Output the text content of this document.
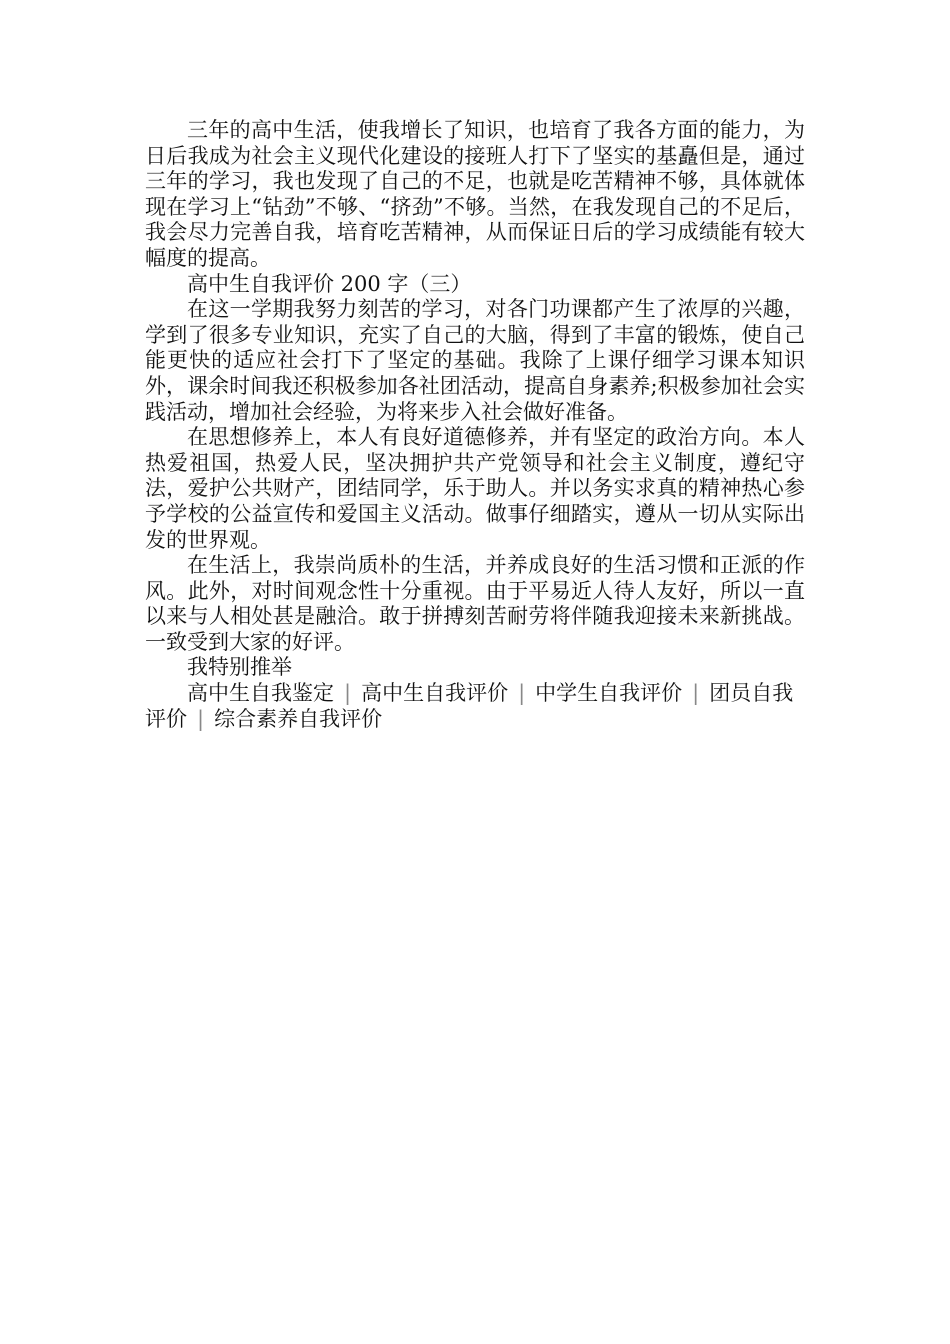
三年的高中生活，使我增长了知识，也培育了我各方面的能力，为日后我成为社会主义现代化建设的接班人打下了坚实的基矗但是，通过三年的学习，我也发现了自己的不足，也就是吃苦精神不够，具体就体现在学习上“钻劲”不够、“挤劲”不够。当然，在我发现自己的不足后，我会尽力完善自我，培育吃苦精神，从而保证日后的学习成绩能有较大幅度的提高。

高中生自我评价 200 字（三）

在这一学期我努力刻苦的学习，对各门功课都产生了浓厚的兴趣，学到了很多专业知识，充实了自己的大脑，得到了丰富的锻炼，使自己能更快的适应社会打下了坚定的基础。我除了上课仔细学习课本知识外，课余时间我还积极参加各社团活动，提高自身素养;积极参加社会实践活动，增加社会经验，为将来步入社会做好准备。

在思想修养上，本人有良好道德修养，并有坚定的政治方向。本人热爱祖国，热爱人民，坚决拥护共产党领导和社会主义制度，遵纪守法，爱护公共财产，团结同学，乐于助人。并以务实求真的精神热心参予学校的公益宣传和爱国主义活动。做事仔细踏实，遵从一切从实际出发的世界观。

在生活上，我崇尚质朴的生活，并养成良好的生活习惯和正派的作风。此外，对时间观念性十分重视。由于平易近人待人友好，所以一直以来与人相处甚是融洽。敢于拼搏刻苦耐劳将伴随我迎接未来新挑战。一致受到大家的好评。

我特别推举

高中生自我鉴定 | 高中生自我评价 | 中学生自我评价 | 团员自我评价 | 综合素养自我评价
